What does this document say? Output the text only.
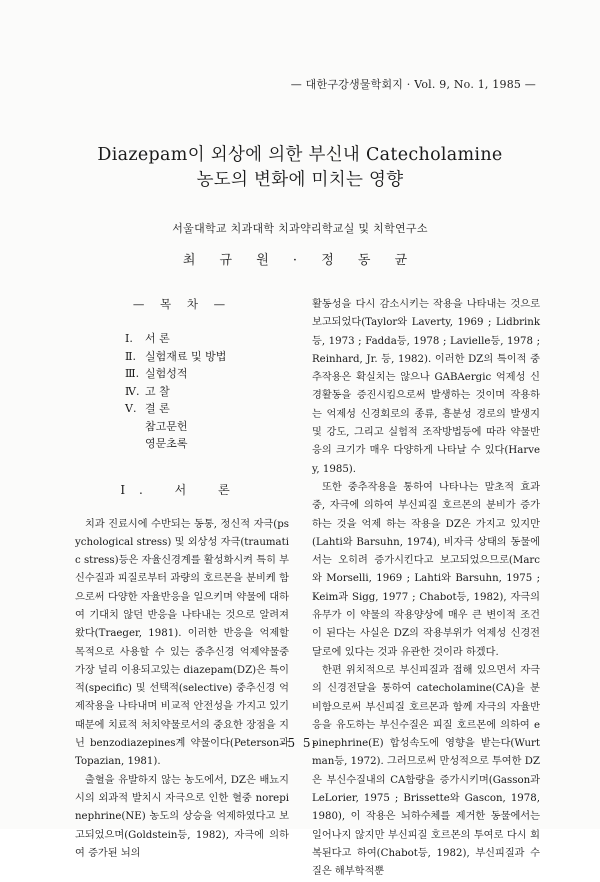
— 대한구강생물학회지 · Vol. 9, No. 1, 1985 —
Diazepam이 외상에 의한 부신내 Catecholamine
농도의 변화에 미치는 영향
서울대학교 치과대학 치과약리학교실 및 치학연구소
최 규 원 · 정 동 균
— 목 차 —
Ⅰ. 서 론
Ⅱ. 실험재료 및 방법
Ⅲ. 실험성적
Ⅳ. 고 찰
Ⅴ. 결 론
참고문헌
영문초록
Ⅰ. 서 론

치과 진료시에 수반되는 동통, 정신적 자극(psychological stress) 및 외상성 자극(traumatic stress)등은 자율신경계를 활성화시켜 특히 부신수질과 피질로부터 과량의 호르몬을 분비케 함으로써 다양한 자율반응을 일으키며 약물에 대하여 기대치 않던 반응을 나타내는 것으로 알려져왔다(Traeger, 1981). 이러한 반응을 억제할 목적으로 사용할 수 있는 중추신경 억제약물중 가장 널리 이용되고있는 diazepam(DZ)은 특이적(specific) 및 선택적(selective) 중추신경 억제작용을 나타내며 비교적 안전성을 가지고 있기때문에 치료적 처치약물로서의 중요한 장점을 지닌 benzodiazepines계 약물이다(Peterson과 Topazian, 1981).

출혈을 유발하지 않는 농도에서, DZ은 배뇨지시의 외과적 발치시 자극으로 인한 혈중 norepinephrine(NE) 농도의 상승을 억제하였다고 보고되었으며(Goldstein등, 1982), 자극에 의하여 증가된 뇌의

활동성을 다시 감소시키는 작용을 나타내는 것으로 보고되었다(Taylor와 Laverty, 1969 ; Lidbrink등, 1973 ; Fadda등, 1978 ; Lavielle등, 1978 ; Reinhard, Jr. 등, 1982). 이러한 DZ의 특이적 중추작용은 확실치는 않으나 GABAergic 억제성 신경활동을 증진시킴으로써 발생하는 것이며 작용하는 억제성 신경회로의 종류, 흥분성 경로의 발생지 및 강도, 그리고 실험적 조작방법등에 따라 약물반응의 크기가 매우 다양하게 나타날 수 있다(Harvey, 1985).

또한 중추작용을 통하여 나타나는 말초적 효과 중, 자극에 의하여 부신피질 호르몬의 분비가 증가하는 것을 억제 하는 작용을 DZ은 가지고 있지만 (Lahti와 Barsuhn, 1974), 비자극 상태의 동물에서는 오히려 증가시킨다고 보고되었으므로(Marc 와 Morselli, 1969 ; Lahti와 Barsuhn, 1975 ; Keim과 Sigg, 1977 ; Chabot등, 1982), 자극의 유무가 이 약물의 작용양상에 매우 큰 변이적 조건이 된다는 사실은 DZ의 작용부위가 억제성 신경전달로에 있다는 것과 유관한 것이라 하겠다.

한편 위치적으로 부신피질과 접해 있으면서 자극의 신경전달을 통하여 catecholamine(CA)을 분비함으로써 부신피질 호르몬과 함께 자극의 자율반응을 유도하는 부신수질은 피질 호르몬에 의하여 epinephrine(E) 합성속도에 영향을 받는다(Wurtman등, 1972). 그러므로써 만성적으로 투여한 DZ은 부신수질내의 CA함량을 증가시키며(Gasson과 LeLorier, 1975 ; Brissette와 Gascon, 1978, 1980), 이 작용은 뇌하수체를 제거한 동물에서는 일어나지 않지만 부신피질 호르몬의 투여로 다시 회복된다고 하여(Chabot등, 1982), 부신피질과 수질은 해부학적뿐

-5 5-
